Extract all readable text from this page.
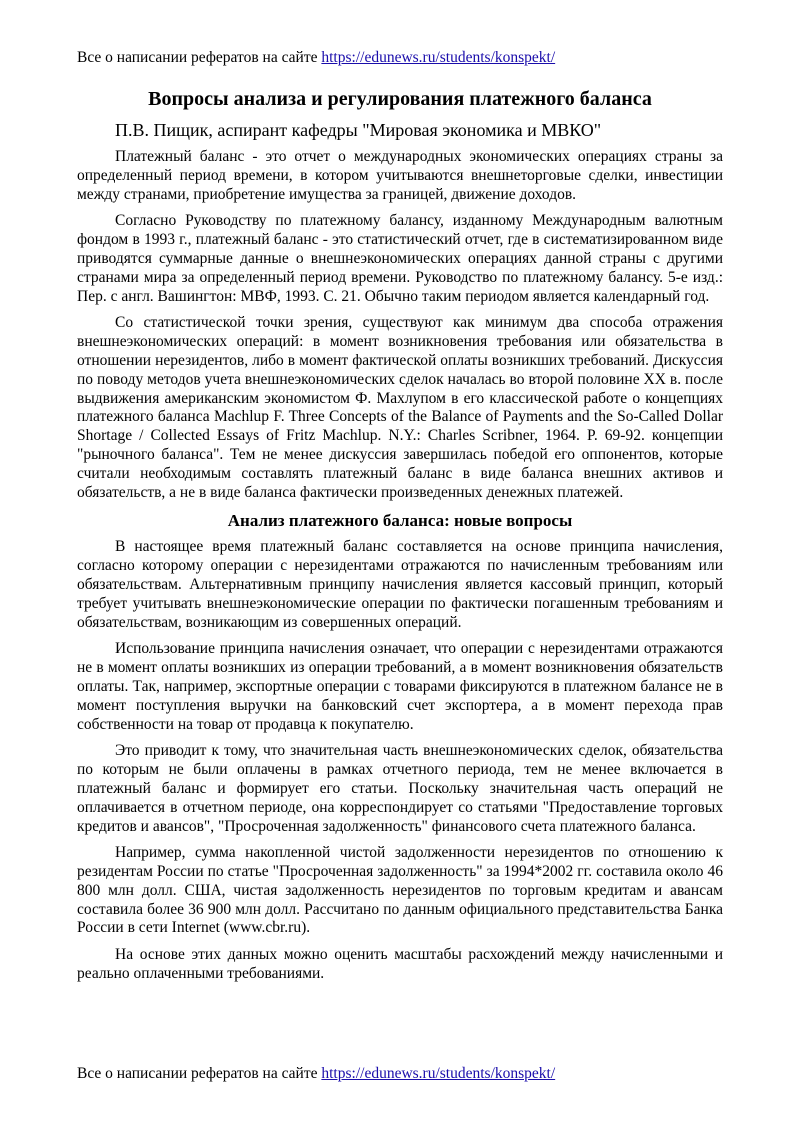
Все о написании рефератов на сайте https://edunews.ru/students/konspekt/
Вопросы анализа и регулирования платежного баланса
П.В. Пищик, аспирант кафедры "Мировая экономика и МВКО"

Платежный баланс - это отчет о международных экономических операциях страны за определенный период времени, в котором учитываются внешнеторговые сделки, инвестиции между странами, приобретение имущества за границей, движение доходов.

Согласно Руководству по платежному балансу, изданному Международным валютным фондом в 1993 г., платежный баланс - это статистический отчет, где в систематизированном виде приводятся суммарные данные о внешнеэкономических операциях данной страны с другими странами мира за определенный период времени. Руководство по платежному балансу. 5-е изд.: Пер. с англ. Вашингтон: МВФ, 1993. С. 21. Обычно таким периодом является календарный год.

Со статистической точки зрения, существуют как минимум два способа отражения внешнеэкономических операций: в момент возникновения требования или обязательства в отношении нерезидентов, либо в момент фактической оплаты возникших требований. Дискуссия по поводу методов учета внешнеэкономических сделок началась во второй половине XX в. после выдвижения американским экономистом Ф. Махлупом в его классической работе о концепциях платежного баланса Machlup F. Three Concepts of the Balance of Payments and the So-Called Dollar Shortage / Collected Essays of Fritz Machlup. N.Y.: Charles Scribner, 1964. P. 69-92. концепции "рыночного баланса". Тем не менее дискуссия завершилась победой его оппонентов, которые считали необходимым составлять платежный баланс в виде баланса внешних активов и обязательств, а не в виде баланса фактически произведенных денежных платежей.

Анализ платежного баланса: новые вопросы

В настоящее время платежный баланс составляется на основе принципа начисления, согласно которому операции с нерезидентами отражаются по начисленным требованиям или обязательствам. Альтернативным принципу начисления является кассовый принцип, который требует учитывать внешнеэкономические операции по фактически погашенным требованиям и обязательствам, возникающим из совершенных операций.

Использование принципа начисления означает, что операции с нерезидентами отражаются не в момент оплаты возникших из операции требований, а в момент возникновения обязательств оплаты. Так, например, экспортные операции с товарами фиксируются в платежном балансе не в момент поступления выручки на банковский счет экспортера, а в момент перехода прав собственности на товар от продавца к покупателю.

Это приводит к тому, что значительная часть внешнеэкономических сделок, обязательства по которым не были оплачены в рамках отчетного периода, тем не менее включается в платежный баланс и формирует его статьи. Поскольку значительная часть операций не оплачивается в отчетном периоде, она корреспондирует со статьями "Предоставление торговых кредитов и авансов", "Просроченная задолженность" финансового счета платежного баланса.

Например, сумма накопленной чистой задолженности нерезидентов по отношению к резидентам России по статье "Просроченная задолженность" за 1994*2002 гг. составила около 46 800 млн долл. США, чистая задолженность нерезидентов по торговым кредитам и авансам составила более 36 900 млн долл. Рассчитано по данным официального представительства Банка России в сети Internet (www.cbr.ru).

На основе этих данных можно оценить масштабы расхождений между начисленными и реально оплаченными требованиями.

Все о написании рефератов на сайте https://edunews.ru/students/konspekt/
